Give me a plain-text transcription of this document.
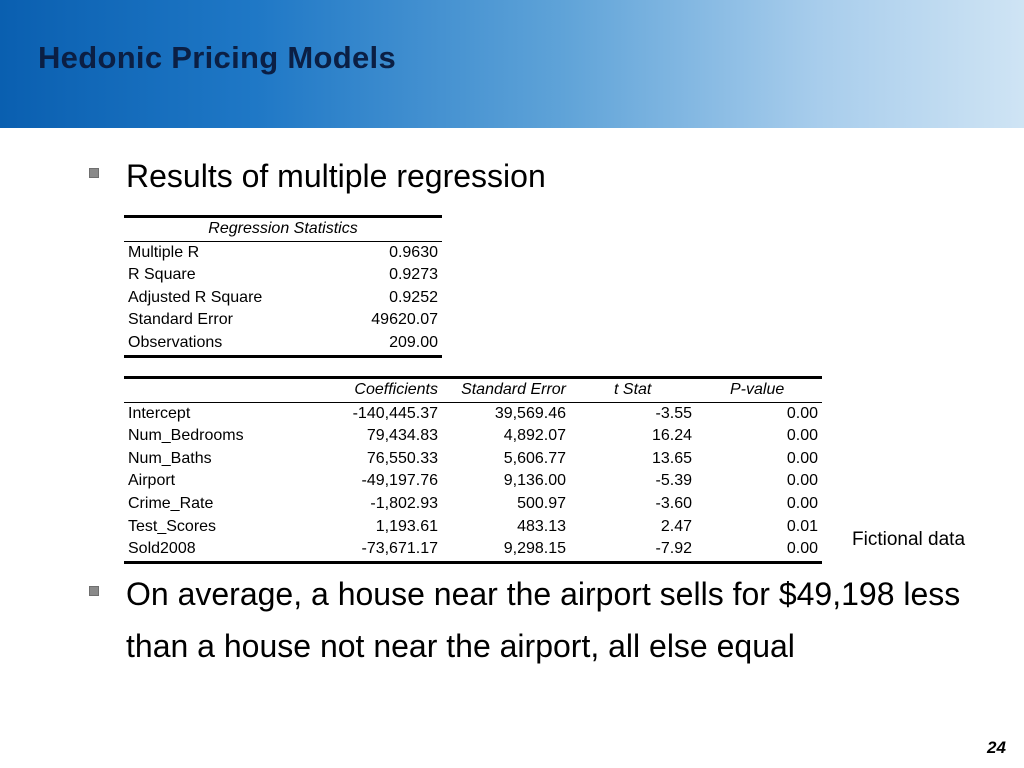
Hedonic Pricing Models
Results of multiple regression
Regression Statistics	
Multiple R	0.9630
R Square	0.9273
Adjusted R Square	0.9252
Standard Error	49620.07
Observations	209.00
	Coefficients	Standard Error	t Stat	P-value
Intercept	-140,445.37	39,569.46	-3.55	0.00
Num_Bedrooms	79,434.83	4,892.07	16.24	0.00
Num_Baths	76,550.33	5,606.77	13.65	0.00
Airport	-49,197.76	9,136.00	-5.39	0.00
Crime_Rate	-1,802.93	500.97	-3.60	0.00
Test_Scores	1,193.61	483.13	2.47	0.01
Sold2008	-73,671.17	9,298.15	-7.92	0.00 Fictional data
On average, a house near the airport sells for $49,198 less than a house not near the airport, all else equal
24
